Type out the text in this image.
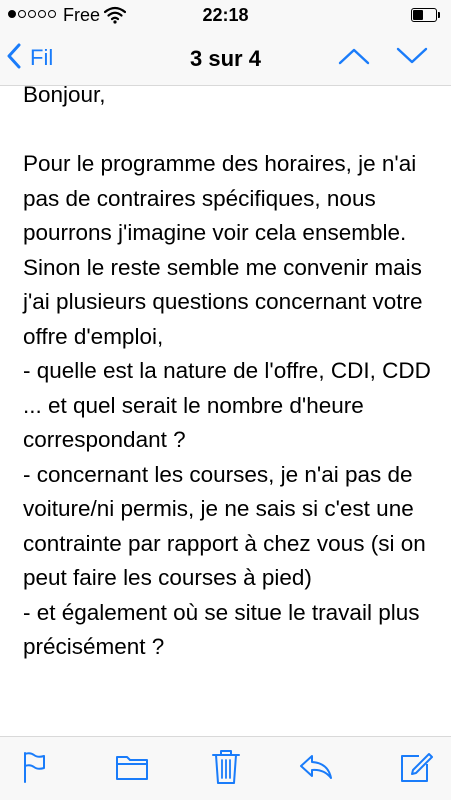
Free	22:18
Fil	3 sur 4
Bonjour,

Pour le programme des horaires, je n'ai pas de contraires spécifiques, nous pourrons j'imagine voir cela ensemble.
Sinon le reste semble me convenir mais j'ai plusieurs questions concernant votre offre d'emploi,
- quelle est la nature de l'offre, CDI, CDD ... et quel serait le nombre d'heure correspondant ?
- concernant les courses, je n'ai pas de voiture/ni permis, je ne sais si c'est une contrainte par rapport à chez vous (si on peut faire les courses à pied)
- et également où se situe le travail plus précisément ?
